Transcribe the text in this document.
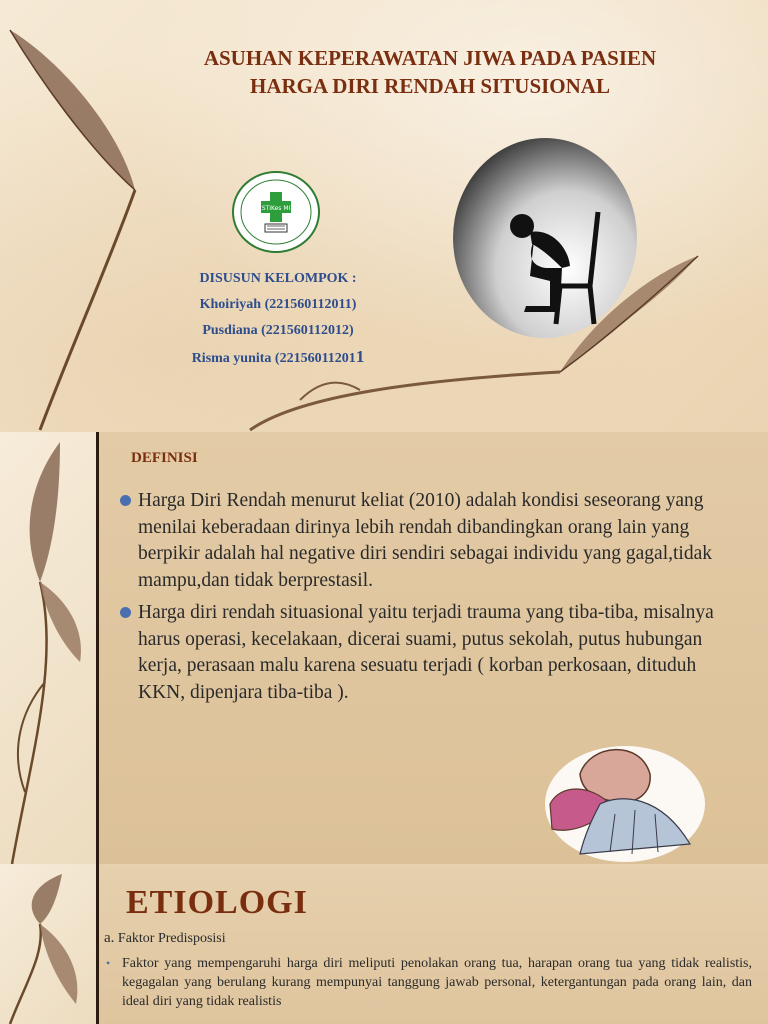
ASUHAN KEPERAWATAN JIWA PADA PASIEN
HARGA DIRI RENDAH SITUSIONAL
STIKes MI
DISUSUN KELOMPOK :
Khoiriyah (221560112011)
Pusdiana (221560112012)
Risma yunita (221560112011
DEFINISI

Harga Diri Rendah menurut keliat (2010) adalah kondisi seseorang yang menilai keberadaan dirinya lebih rendah dibandingkan orang lain yang berpikir adalah hal negative diri sendiri sebagai individu yang gagal,tidak mampu,dan tidak berprestasil.

Harga diri rendah situasional yaitu terjadi trauma yang tiba-tiba, misalnya harus operasi, kecelakaan, dicerai suami, putus sekolah, putus hubungan kerja, perasaan malu karena sesuatu terjadi ( korban perkosaan, dituduh KKN, dipenjara tiba-tiba ).

ETIOLOGI
a. Faktor Predisposisi
• Faktor yang mempengaruhi harga diri meliputi penolakan orang tua, harapan orang tua yang tidak realistis, kegagalan yang berulang kurang mempunyai tanggung jawab personal, ketergantungan pada orang lain, dan ideal diri yang tidak realistis
